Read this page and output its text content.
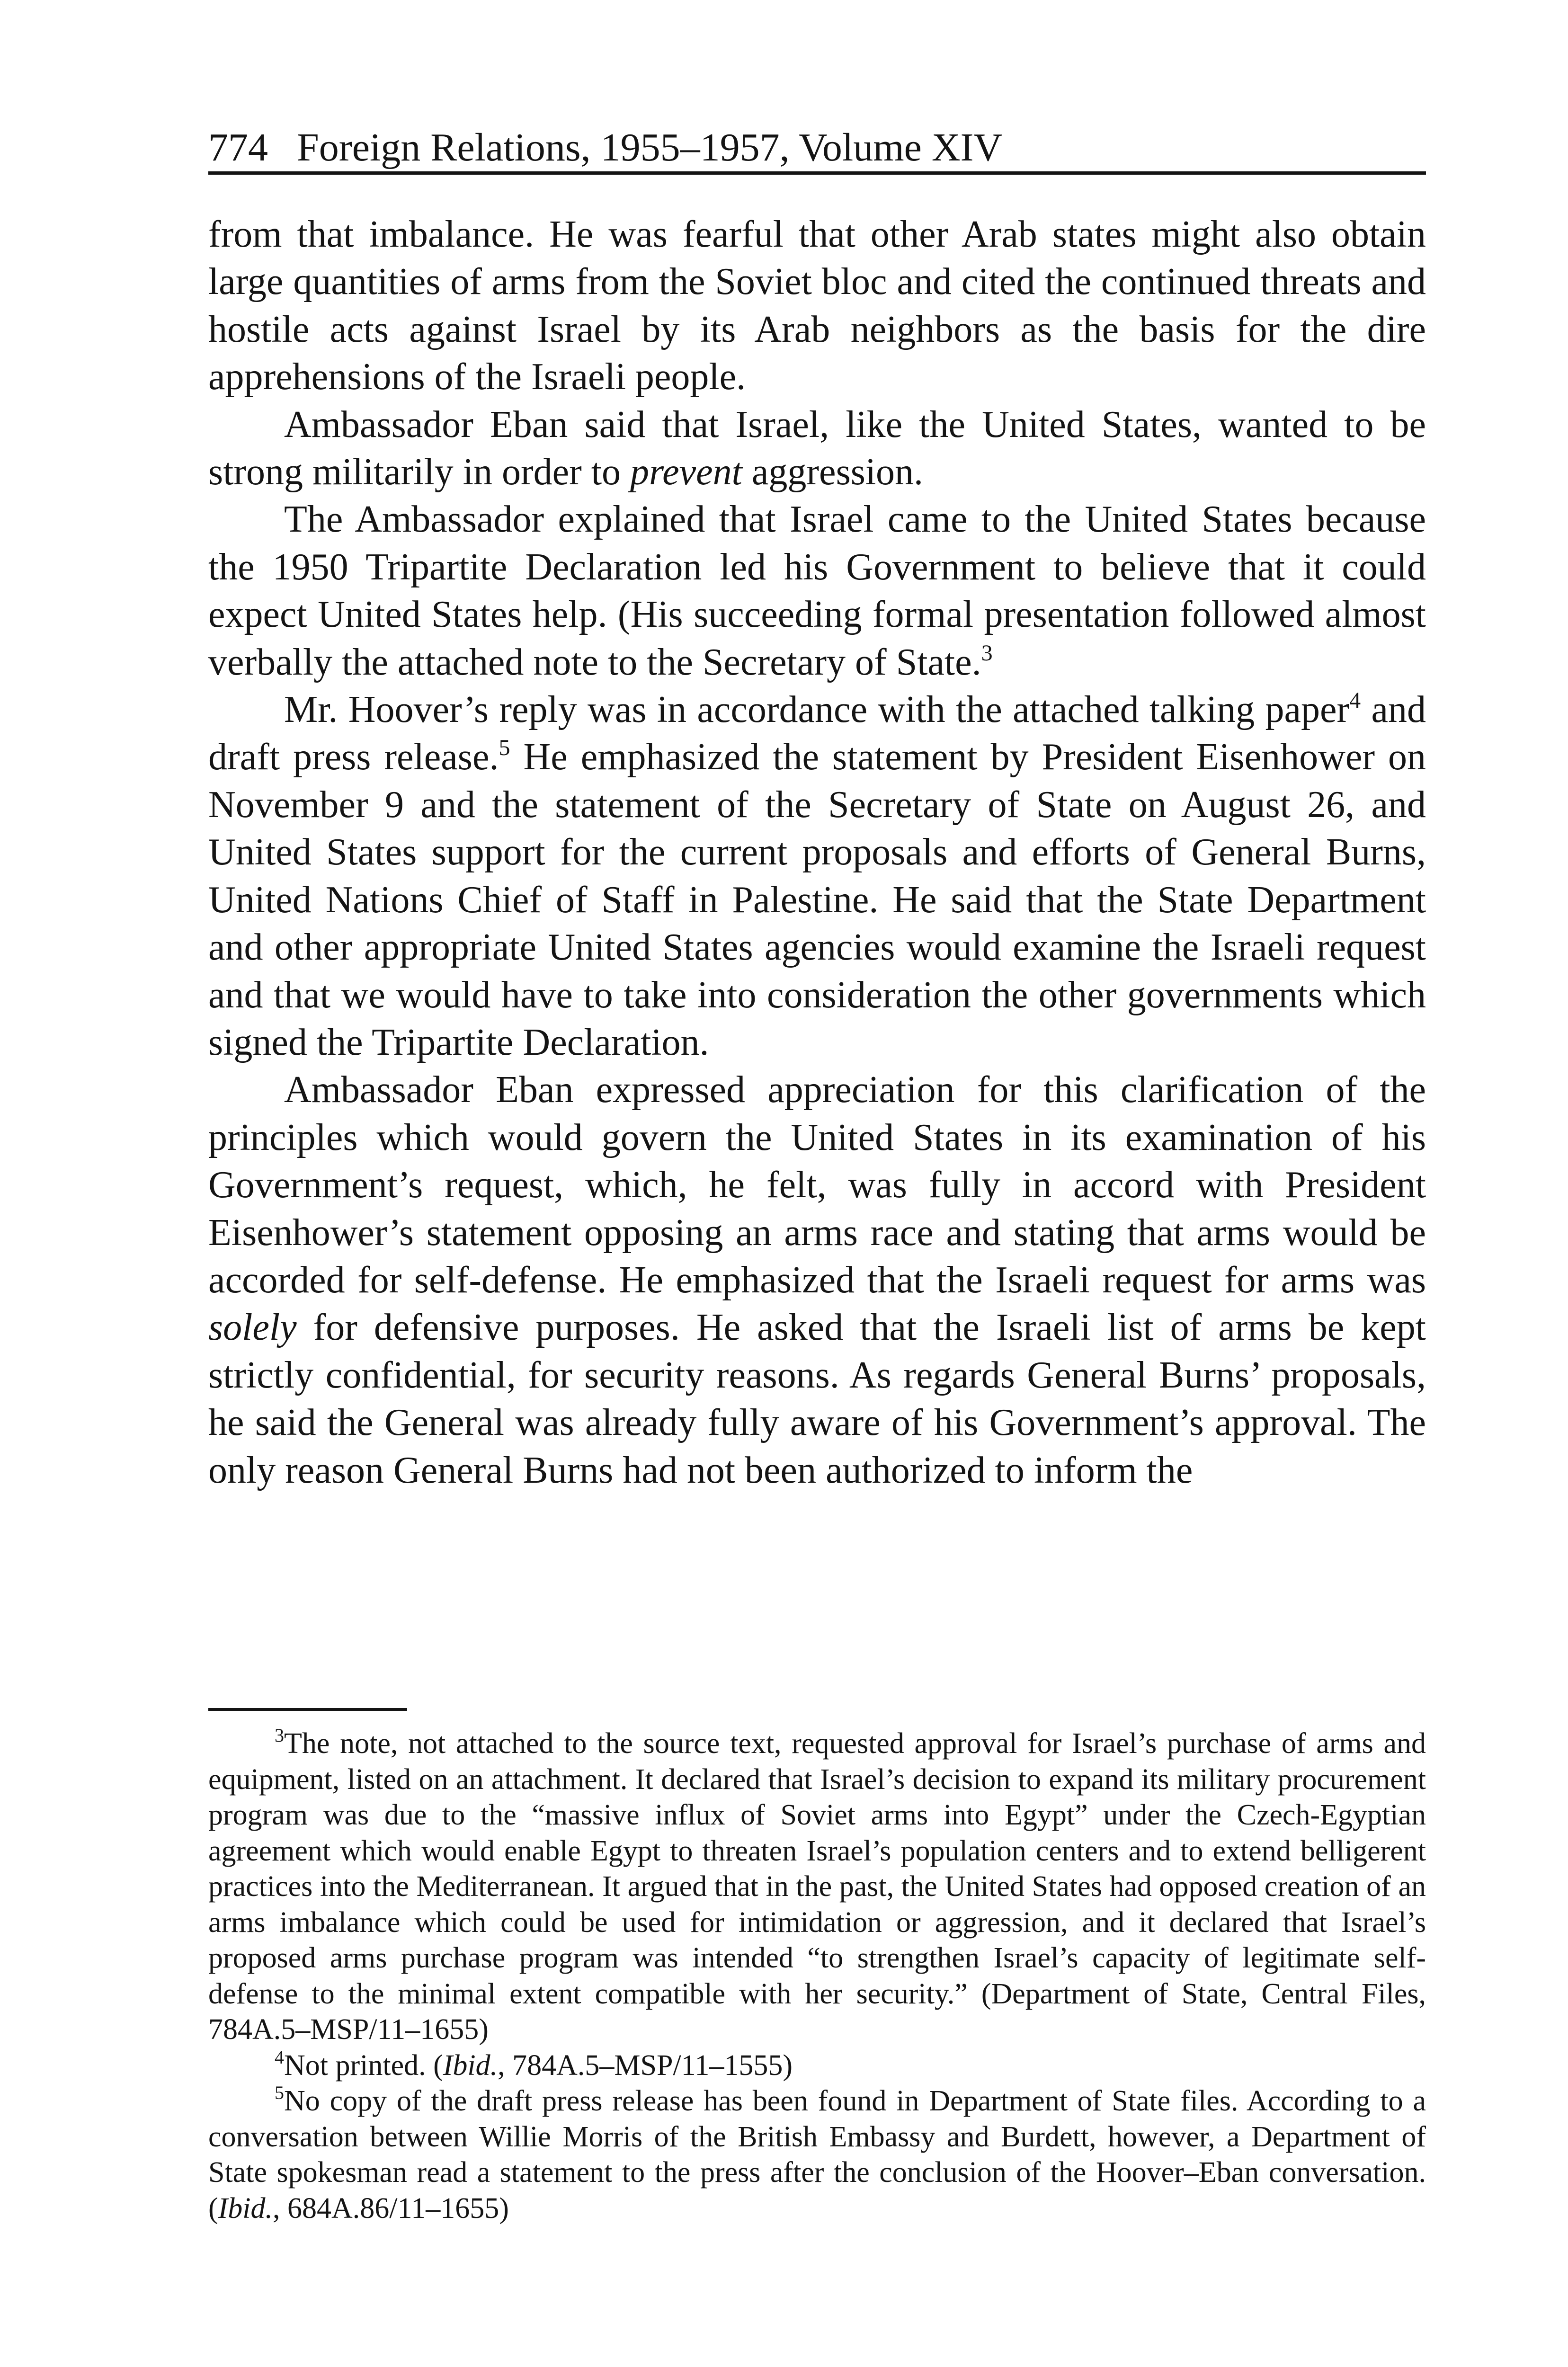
774 Foreign Relations, 1955–1957, Volume XIV

from that imbalance. He was fearful that other Arab states might also obtain large quantities of arms from the Soviet bloc and cited the continued threats and hostile acts against Israel by its Arab neighbors as the basis for the dire apprehensions of the Israeli people.

Ambassador Eban said that Israel, like the United States, wanted to be strong militarily in order to prevent aggression.

The Ambassador explained that Israel came to the United States because the 1950 Tripartite Declaration led his Government to believe that it could expect United States help. (His succeeding formal presentation followed almost verbally the attached note to the Secretary of State.$^3$

Mr. Hoover’s reply was in accordance with the attached talking paper$^4$ and draft press release.$^5$ He emphasized the statement by President Eisenhower on November 9 and the statement of the Secretary of State on August 26, and United States support for the current proposals and efforts of General Burns, United Nations Chief of Staff in Palestine. He said that the State Department and other appropriate United States agencies would examine the Israeli request and that we would have to take into consideration the other governments which signed the Tripartite Declaration.

Ambassador Eban expressed appreciation for this clarification of the principles which would govern the United States in its examination of his Government’s request, which, he felt, was fully in accord with President Eisenhower’s statement opposing an arms race and stating that arms would be accorded for self-defense. He emphasized that the Israeli request for arms was solely for defensive purposes. He asked that the Israeli list of arms be kept strictly confidential, for security reasons. As regards General Burns’ proposals, he said the General was already fully aware of his Government’s approval. The only reason General Burns had not been authorized to inform the

$^3$The note, not attached to the source text, requested approval for Israel’s purchase of arms and equipment, listed on an attachment. It declared that Israel’s decision to expand its military procurement program was due to the “massive influx of Soviet arms into Egypt” under the Czech-Egyptian agreement which would enable Egypt to threaten Israel’s population centers and to extend belligerent practices into the Mediterranean. It argued that in the past, the United States had opposed creation of an arms imbalance which could be used for intimidation or aggression, and it declared that Israel’s proposed arms purchase program was intended “to strengthen Israel’s capacity of legitimate self-defense to the minimal extent compatible with her security.” (Department of State, Central Files, 784A.5–MSP/11–1655)

$^4$Not printed. (Ibid., 784A.5–MSP/11–1555)

$^5$No copy of the draft press release has been found in Department of State files. According to a conversation between Willie Morris of the British Embassy and Burdett, however, a Department of State spokesman read a statement to the press after the conclusion of the Hoover–Eban conversation. (Ibid., 684A.86/11–1655)
